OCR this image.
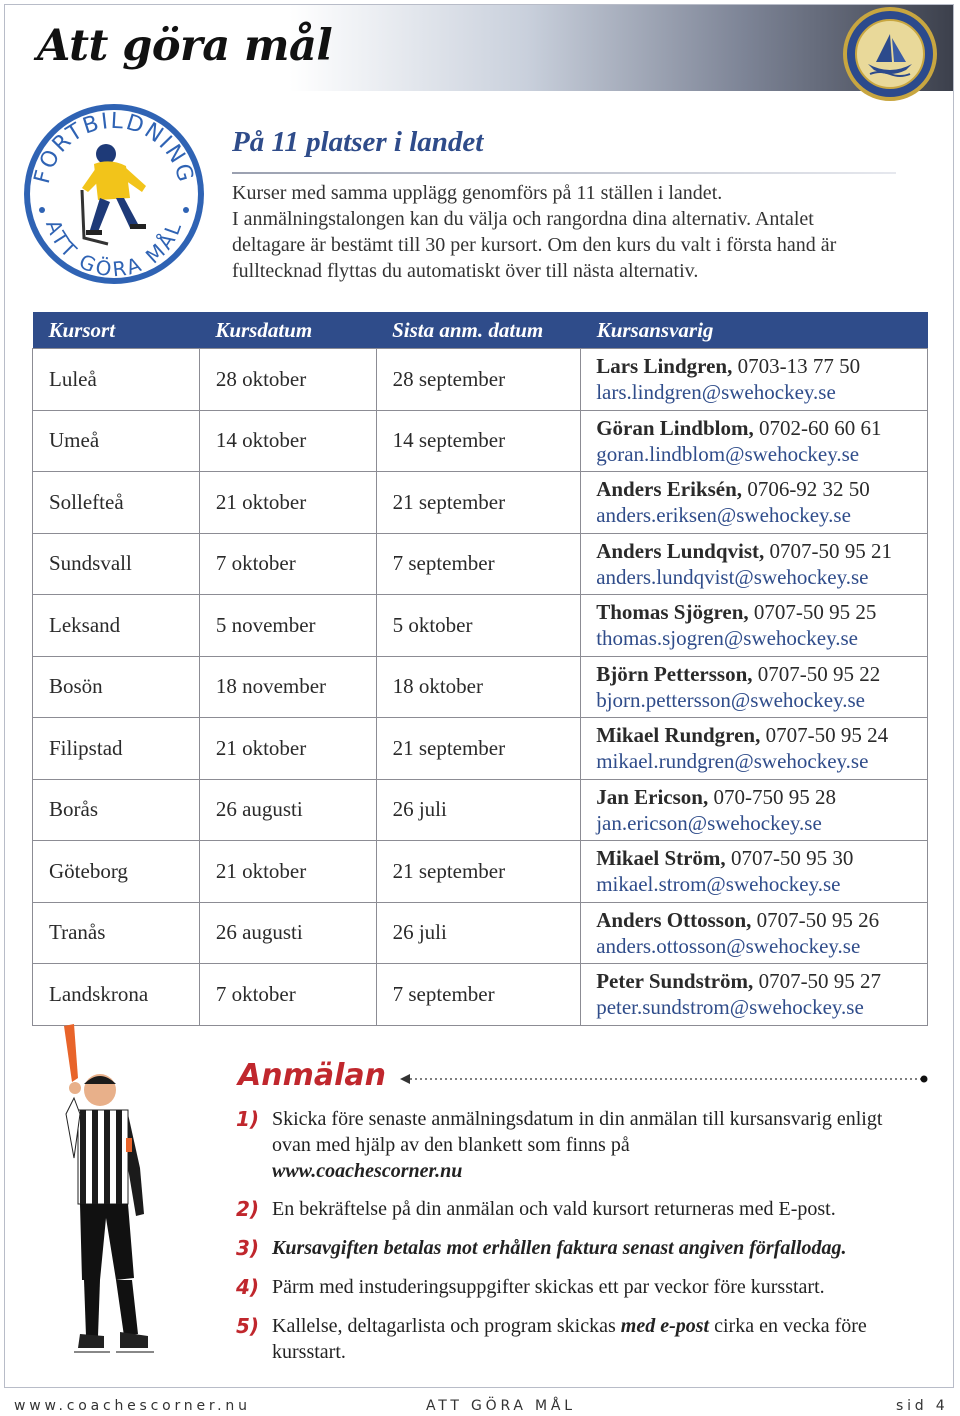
Att göra mål
FORTBILDNING
ATT GÖRA MÅL
På 11 platser i landet

Kurser med samma upplägg genomförs på 11 ställen i landet.
I anmälningstalongen kan du välja och rangordna dina alternativ. Antalet
deltagare är bestämt till 30 per kursort. Om den kurs du valt i första hand är
fulltecknad flyttas du automatiskt över till nästa alternativ.

Kursort	Kursdatum	Sista anm. datum	Kursansvarig
Luleå	28 oktober	28 september	Lars Lindgren, 0703-13 77 50
lars.lindgren@swehockey.se

Umeå	14 oktober	14 september	Göran Lindblom, 0702-60 60 61
goran.lindblom@swehockey.se

Sollefteå	21 oktober	21 september	Anders Eriksén, 0706-92 32 50
anders.eriksen@swehockey.se

Sundsvall	7 oktober	7 september	Anders Lundqvist, 0707-50 95 21
anders.lundqvist@swehockey.se

Leksand	5 november	5 oktober	Thomas Sjögren, 0707-50 95 25
thomas.sjogren@swehockey.se

Bosön	18 november	18 oktober	Björn Pettersson, 0707-50 95 22
bjorn.pettersson@swehockey.se

Filipstad	21 oktober	21 september	Mikael Rundgren, 0707-50 95 24
mikael.rundgren@swehockey.se

Borås	26 augusti	26 juli	Jan Ericson, 070-750 95 28
jan.ericson@swehockey.se

Göteborg	21 oktober	21 september	Mikael Ström, 0707-50 95 30
mikael.strom@swehockey.se

Tranås	26 augusti	26 juli	Anders Ottosson, 0707-50 95 26
anders.ottosson@swehockey.se

Landskrona	7 oktober	7 september	Peter Sundström, 0707-50 95 27
peter.sundstrom@swehockey.se
Anmälan
1) Skicka före senaste anmälningsdatum in din anmälan till kursansvarig enligt ovan med hjälp av den blankett som finns på
www.coachescorner.nu
2) En bekräftelse på din anmälan och vald kursort returneras med E-post.
3) Kursavgiften betalas mot erhållen faktura senast angiven förfallodag.
4) Pärm med instuderingsuppgifter skickas ett par veckor före kursstart.
5) Kallelse, deltagarlista och program skickas med e-post cirka en vecka före kursstart.
www.coachescorner.nu	ATT GÖRA MÅL	sid 4
